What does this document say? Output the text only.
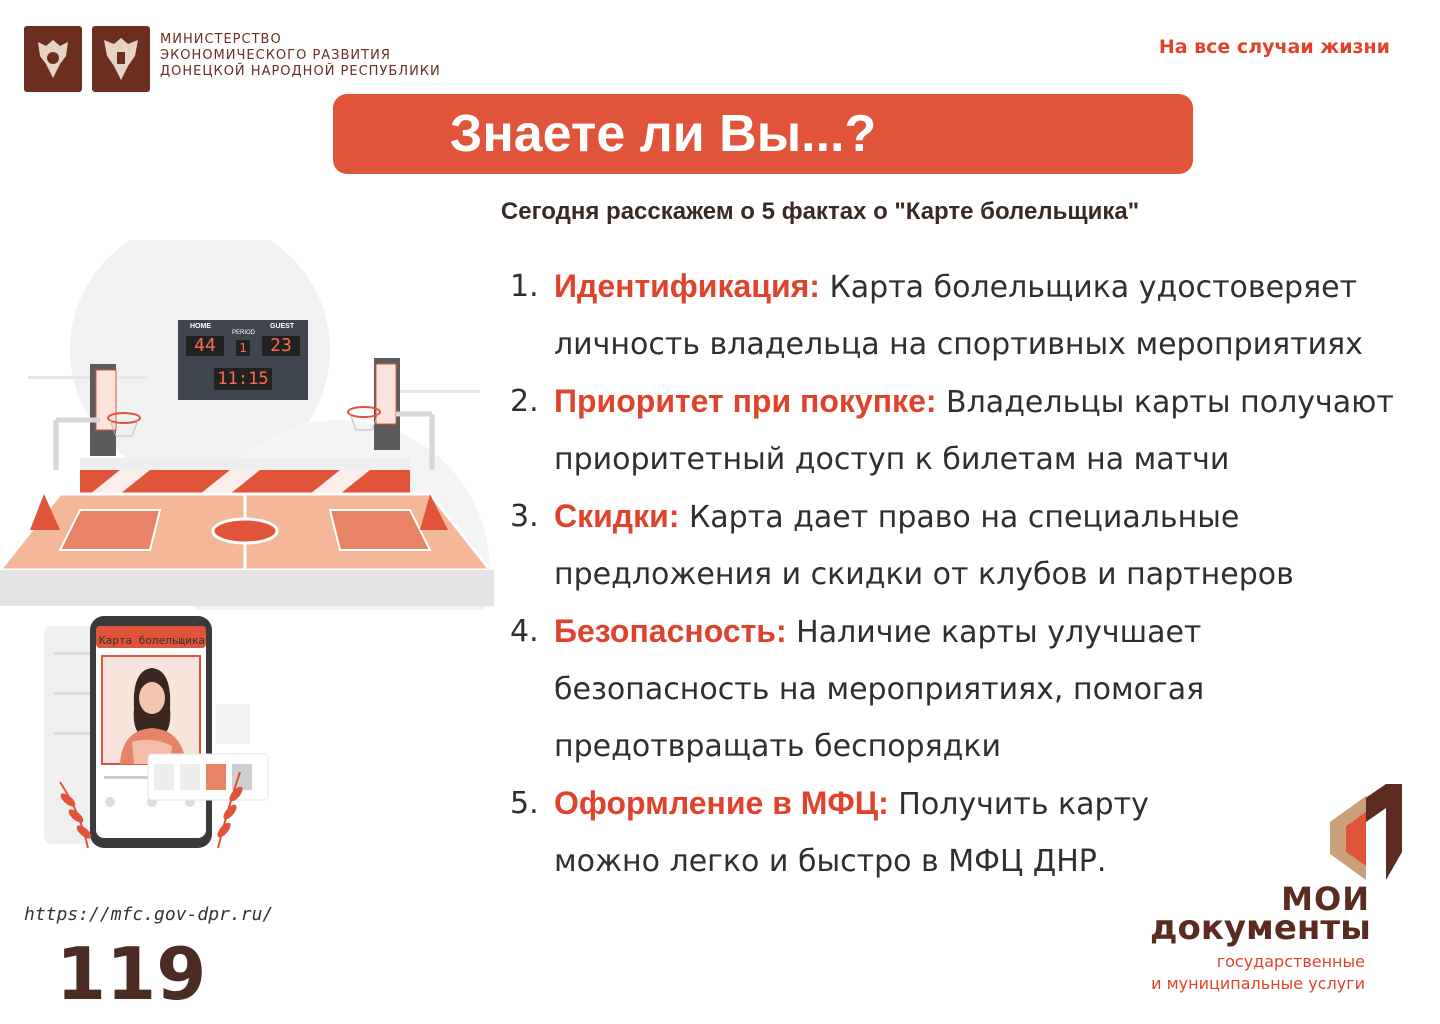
МИНИСТЕРСТВО
ЭКОНОМИЧЕСКОГО РАЗВИТИЯ
ДОНЕЦКОЙ НАРОДНОЙ РЕСПУБЛИКИ
На все случаи жизни
Знаете ли Вы...?
Сегодня расскажем о 5 фактах о "Карте болельщика"
HOME
PERIOD
GUEST
44	1	23
11:15
Карта болельщика
1. Идентификация: Карта болельщика удостоверяет личность владельца на спортивных мероприятиях
2. Приоритет при покупке: Владельцы карты получают приоритетный доступ к билетам на матчи
3. Скидки: Карта дает право на специальные предложения и скидки от клубов и партнеров
4. Безопасность: Наличие карты улучшает безопасность на мероприятиях, помогая предотвращать беспорядки
5. Оформление в МФЦ: Получить карту можно легко и быстро в МФЦ ДНР.
https://mfc.gov-dpr.ru/
119
МОИ
документы
государственные
и муниципальные услуги
